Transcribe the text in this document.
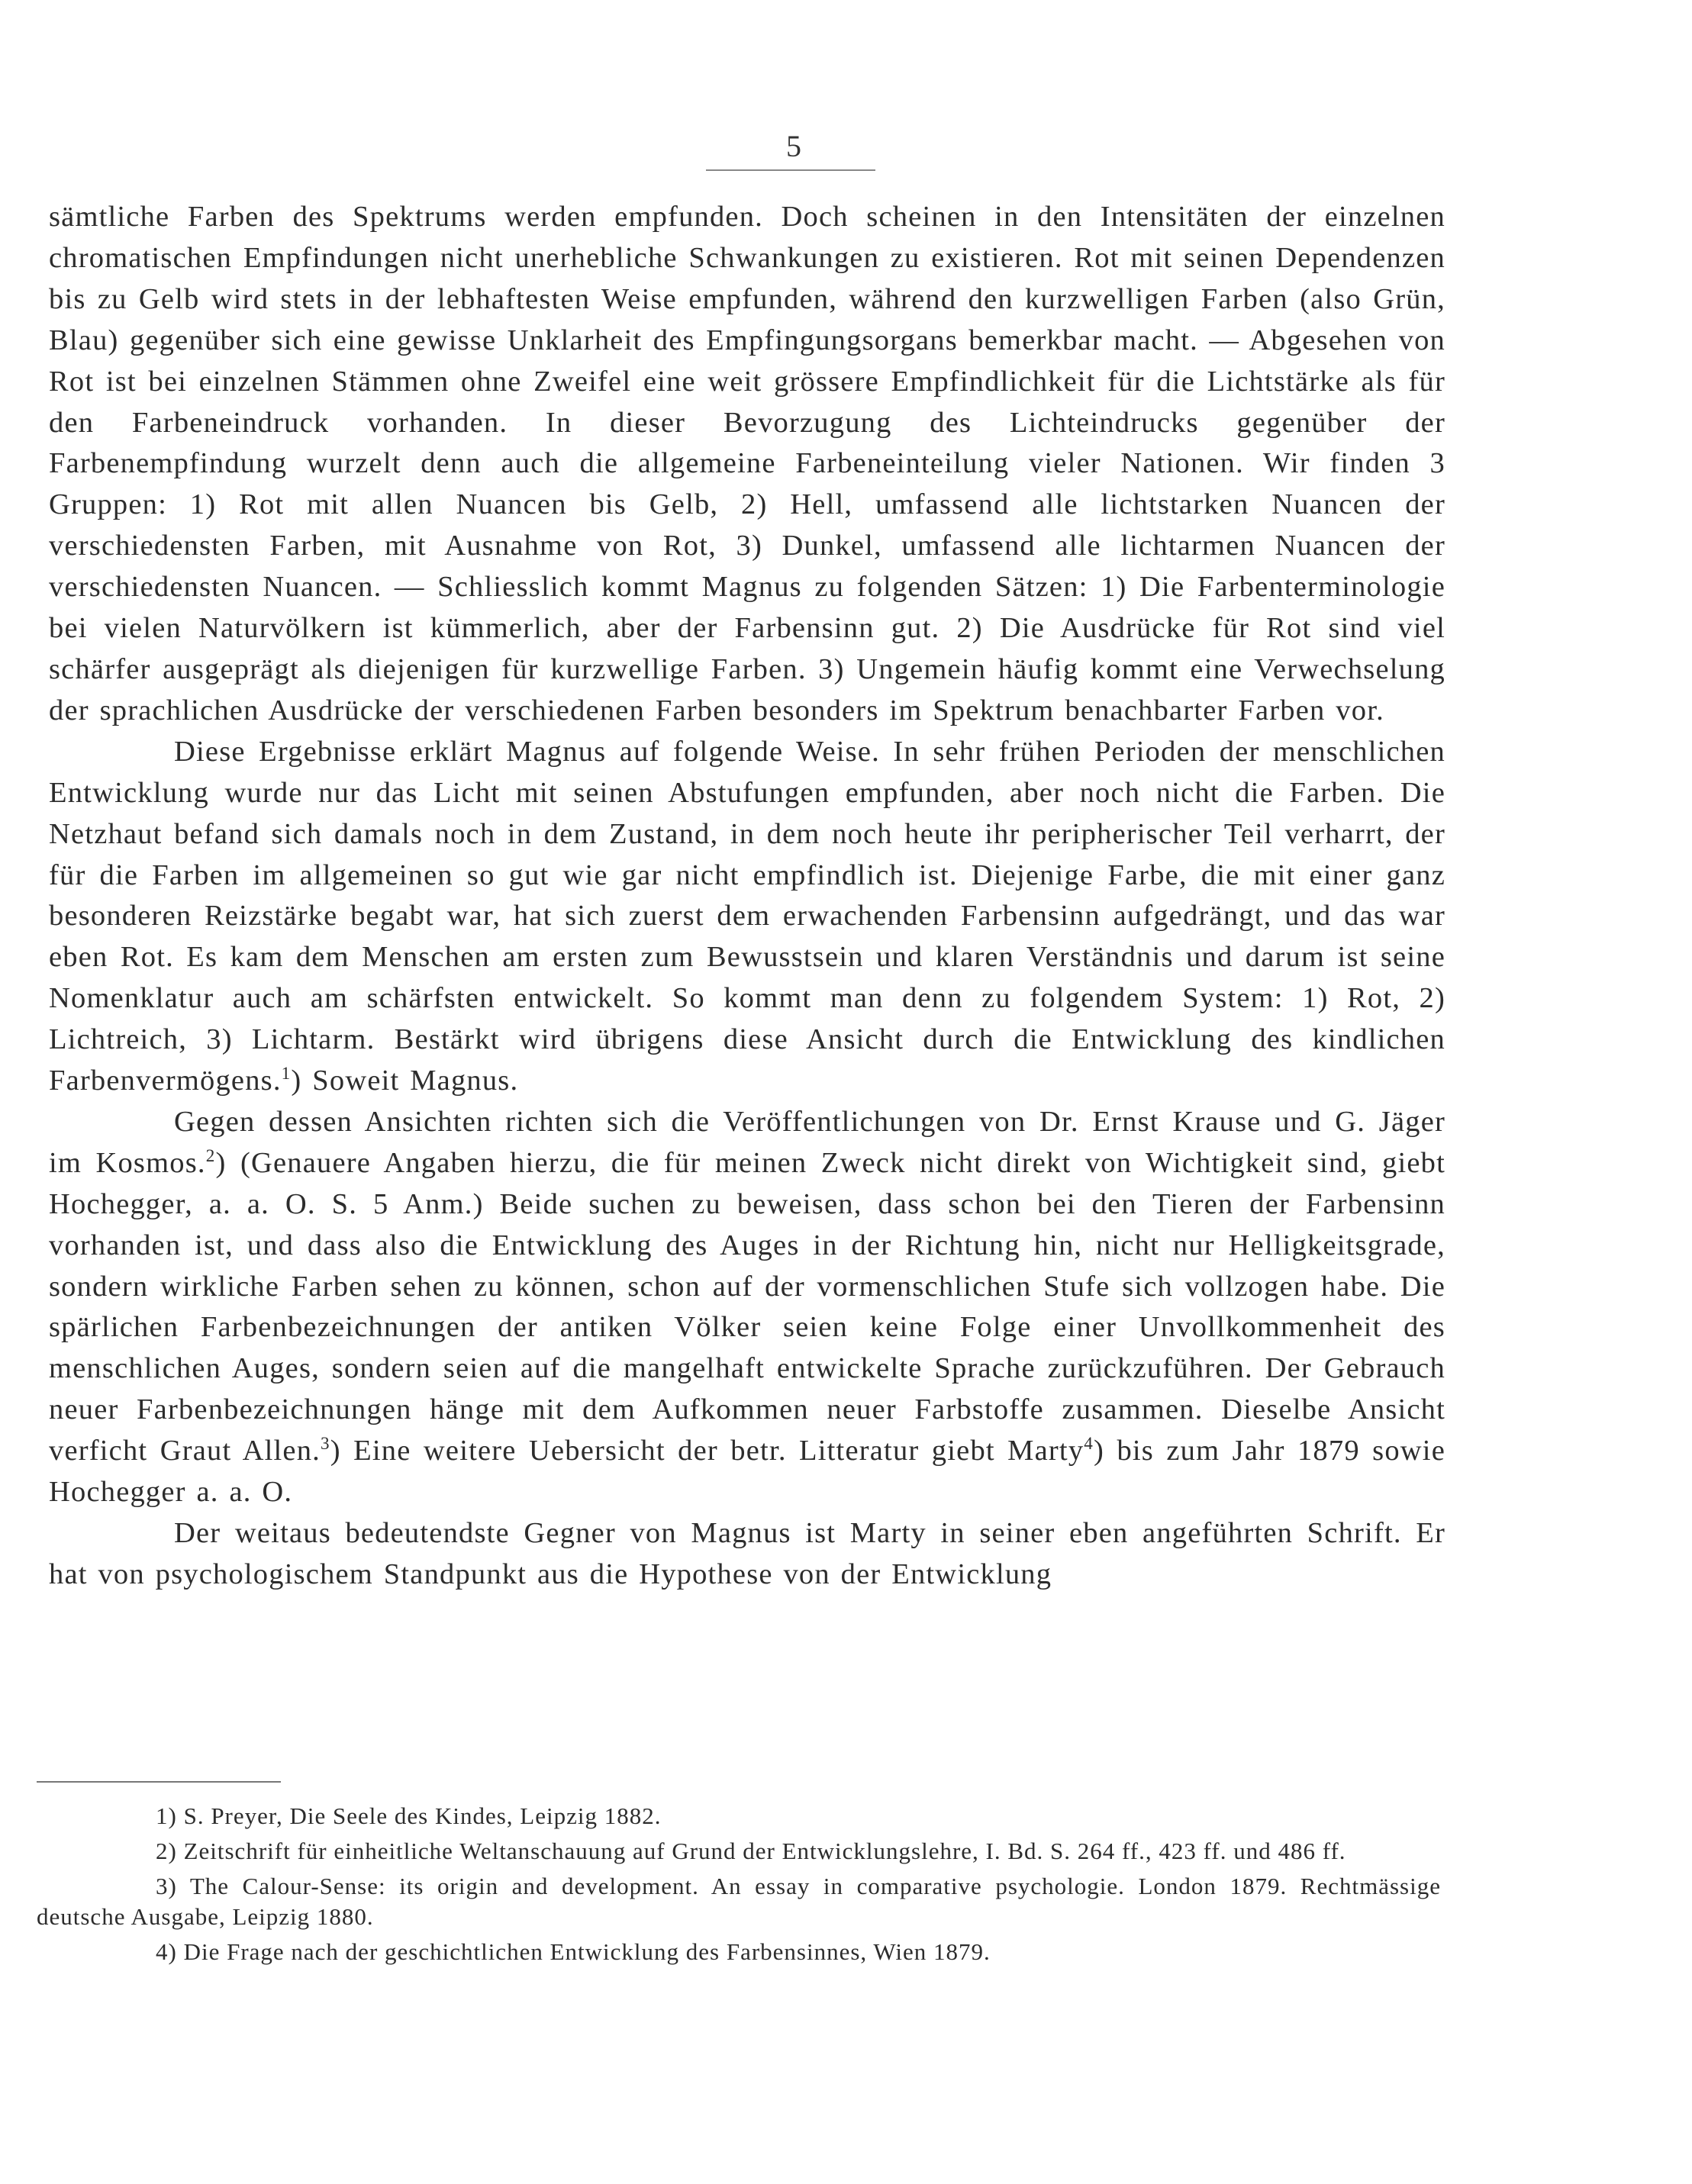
5

sämtliche Farben des Spektrums werden empfunden. Doch scheinen in den Intensitäten der einzelnen chromatischen Empfindungen nicht unerhebliche Schwankungen zu existieren. Rot mit seinen Dependenzen bis zu Gelb wird stets in der lebhaftesten Weise empfunden, während den kurzwelligen Farben (also Grün, Blau) gegenüber sich eine gewisse Unklarheit des Empfingungsorgans bemerkbar macht. — Abgesehen von Rot ist bei einzelnen Stämmen ohne Zweifel eine weit grössere Empfindlichkeit für die Lichtstärke als für den Farbeneindruck vorhanden. In dieser Bevorzugung des Lichteindrucks gegenüber der Farbenempfindung wurzelt denn auch die allgemeine Farbeneinteilung vieler Nationen. Wir finden 3 Gruppen: 1) Rot mit allen Nuancen bis Gelb, 2) Hell, umfassend alle lichtstarken Nuancen der verschiedensten Farben, mit Ausnahme von Rot, 3) Dunkel, umfassend alle lichtarmen Nuancen der verschiedensten Nuancen. — Schliesslich kommt Magnus zu folgenden Sätzen: 1) Die Farbenterminologie bei vielen Naturvölkern ist kümmerlich, aber der Farbensinn gut. 2) Die Ausdrücke für Rot sind viel schärfer ausgeprägt als diejenigen für kurzwellige Farben. 3) Ungemein häufig kommt eine Verwechselung der sprachlichen Ausdrücke der verschiedenen Farben besonders im Spektrum benachbarter Farben vor.

Diese Ergebnisse erklärt Magnus auf folgende Weise. In sehr frühen Perioden der menschlichen Entwicklung wurde nur das Licht mit seinen Abstufungen empfunden, aber noch nicht die Farben. Die Netzhaut befand sich damals noch in dem Zustand, in dem noch heute ihr peripherischer Teil verharrt, der für die Farben im allgemeinen so gut wie gar nicht empfindlich ist. Diejenige Farbe, die mit einer ganz besonderen Reizstärke begabt war, hat sich zuerst dem erwachenden Farbensinn aufgedrängt, und das war eben Rot. Es kam dem Menschen am ersten zum Bewusstsein und klaren Verständnis und darum ist seine Nomenklatur auch am schärfsten entwickelt. So kommt man denn zu folgendem System: 1) Rot, 2) Lichtreich, 3) Lichtarm. Bestärkt wird übrigens diese Ansicht durch die Entwicklung des kindlichen Farbenvermögens.$^1$) Soweit Magnus.

Gegen dessen Ansichten richten sich die Veröffentlichungen von Dr. Ernst Krause und G. Jäger im Kosmos.$^2$) (Genauere Angaben hierzu, die für meinen Zweck nicht direkt von Wichtigkeit sind, giebt Hochegger, a. a. O. S. 5 Anm.) Beide suchen zu beweisen, dass schon bei den Tieren der Farbensinn vorhanden ist, und dass also die Entwicklung des Auges in der Richtung hin, nicht nur Helligkeitsgrade, sondern wirkliche Farben sehen zu können, schon auf der vormenschlichen Stufe sich vollzogen habe. Die spärlichen Farbenbezeichnungen der antiken Völker seien keine Folge einer Unvollkommenheit des menschlichen Auges, sondern seien auf die mangelhaft entwickelte Sprache zurückzuführen. Der Gebrauch neuer Farbenbezeichnungen hänge mit dem Aufkommen neuer Farbstoffe zusammen. Dieselbe Ansicht verficht Graut Allen.$^3$) Eine weitere Uebersicht der betr. Litteratur giebt Marty$^4$) bis zum Jahr 1879 sowie Hochegger a. a. O.

Der weitaus bedeutendste Gegner von Magnus ist Marty in seiner eben angeführten Schrift. Er hat von psychologischem Standpunkt aus die Hypothese von der Entwicklung

1) S. Preyer, Die Seele des Kindes, Leipzig 1882.

2) Zeitschrift für einheitliche Weltanschauung auf Grund der Entwicklungslehre, I. Bd. S. 264 ff., 423 ff. und 486 ff.

3) The Calour-Sense: its origin and development. An essay in comparative psychologie. London 1879. Rechtmässige deutsche Ausgabe, Leipzig 1880.

4) Die Frage nach der geschichtlichen Entwicklung des Farbensinnes, Wien 1879.
